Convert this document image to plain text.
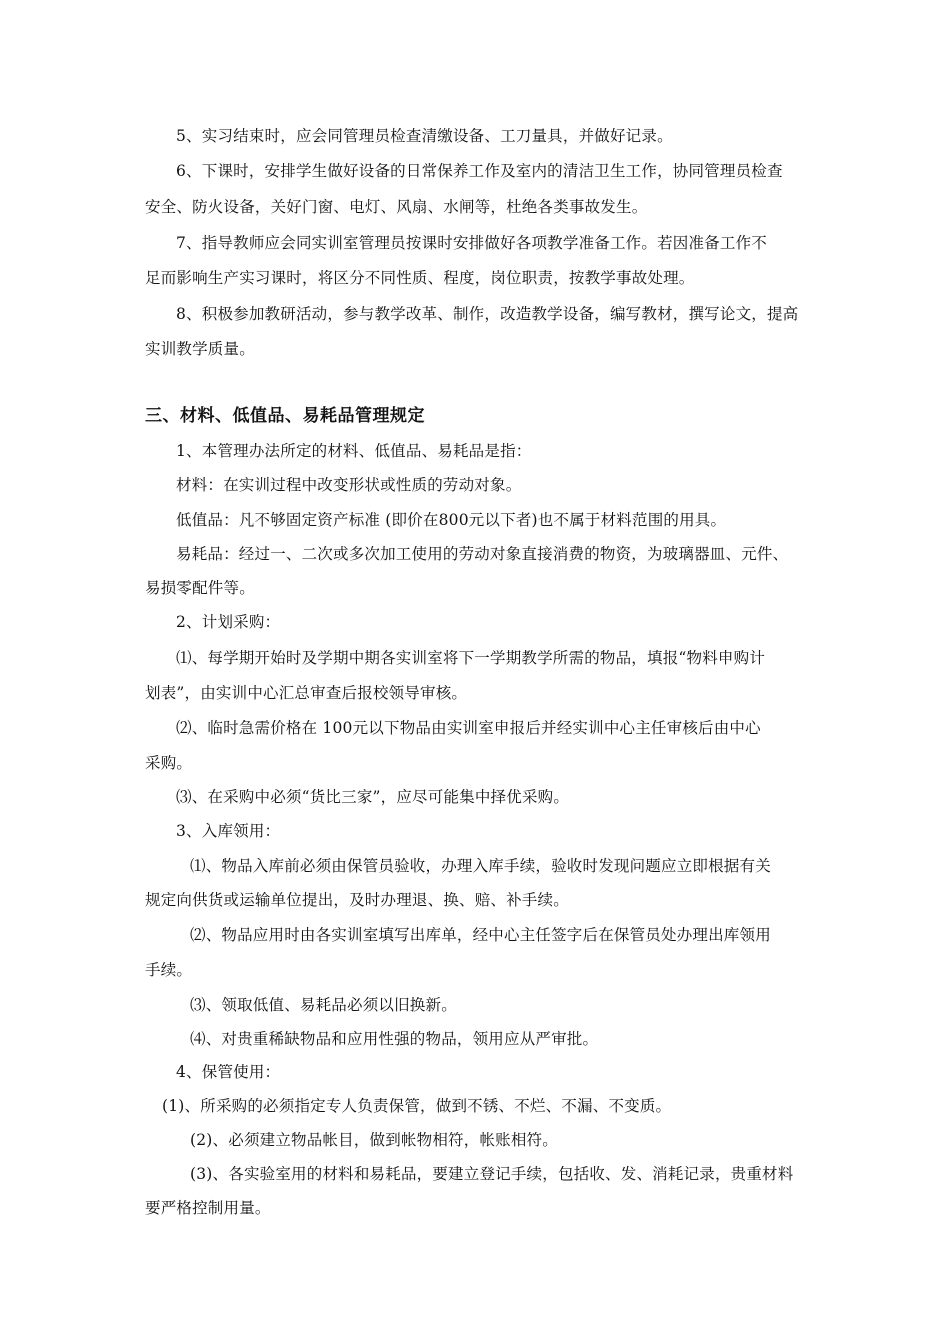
5、实习结束时，应会同管理员检查清缴设备、工刀量具，并做好记录。
6、下课时，安排学生做好设备的日常保养工作及室内的清洁卫生工作，协同管理员检查
安全、防火设备，关好门窗、电灯、风扇、水闸等，杜绝各类事故发生。
7、指导教师应会同实训室管理员按课时安排做好各项教学准备工作。若因准备工作不
足而影响生产实习课时，将区分不同性质、程度，岗位职责，按教学事故处理。
8、积极参加教研活动，参与教学改革、制作，改造教学设备，编写教材，撰写论文，提高
实训教学质量。
三、材料、低值品、易耗品管理规定
1、本管理办法所定的材料、低值品、易耗品是指：
材料：在实训过程中改变形状或性质的劳动对象。
低值品：凡不够固定资产标准 (即价在800元以下者)也不属于材料范围的用具。
易耗品：经过一、二次或多次加工使用的劳动对象直接消费的物资，为玻璃器皿、元件、
易损零配件等。
2、计划采购：
⑴、每学期开始时及学期中期各实训室将下一学期教学所需的物品，填报“物料申购计
划表”，由实训中心汇总审查后报校领导审核。
⑵、临时急需价格在 100元以下物品由实训室申报后并经实训中心主任审核后由中心
采购。
⑶、在采购中必须“货比三家”，应尽可能集中择优采购。
3、入库领用：
⑴、物品入库前必须由保管员验收，办理入库手续，验收时发现问题应立即根据有关
规定向供货或运输单位提出，及时办理退、换、赔、补手续。
⑵、物品应用时由各实训室填写出库单，经中心主任签字后在保管员处办理出库领用
手续。
⑶、领取低值、易耗品必须以旧换新。
⑷、对贵重稀缺物品和应用性强的物品，领用应从严审批。
4、保管使用：
(1)、所采购的必须指定专人负责保管，做到不锈、不烂、不漏、不变质。
(2)、必须建立物品帐目，做到帐物相符，帐账相符。
(3)、各实验室用的材料和易耗品，要建立登记手续，包括收、发、消耗记录，贵重材料
要严格控制用量。
